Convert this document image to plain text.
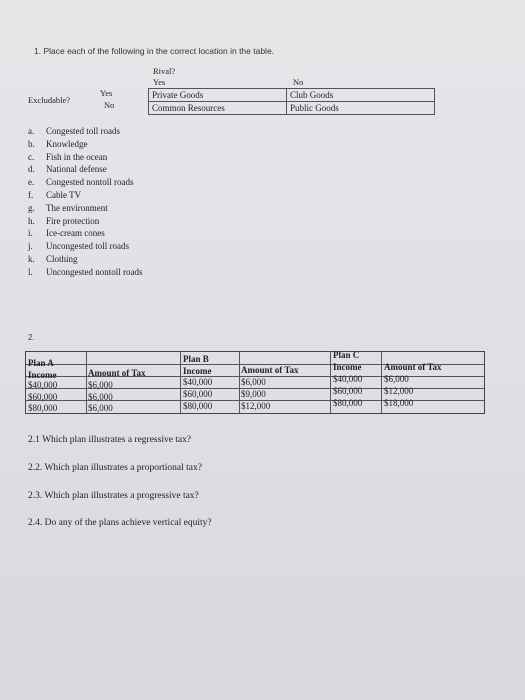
1. Place each of the following in the correct location in the table.
Rival?
Yes	No
Excludable?
Yes
No
Private Goods	Club Goods
Common Resources	Public Goods
a.	Congested toll roads
b.	Knowledge
c.	Fish in the ocean
d.	National defense
e.	Congested nontoll roads
f.	Cable TV
g.	The environment
h.	Fire protection
i.	Ice-cream cones
j.	Uncongested toll roads
k.	Clothing
l.	Uncongested nontoll roads
2.
Plan A
Income	Amount of Tax
$40,000	$6,000
$60,000	$6,000
$80,000	$6,000
Plan B
Income	Amount of Tax
$40,000	$6,000
$60,000	$9,000
$80,000	$12,000
Plan C
Income	Amount of Tax
$40,000 $6,000
$60,000 $12,000
$80,000 $18,000
2.1 Which plan illustrates a regressive tax?
2.2. Which plan illustrates a proportional tax?
2.3. Which plan illustrates a progressive tax?
2.4. Do any of the plans achieve vertical equity?
